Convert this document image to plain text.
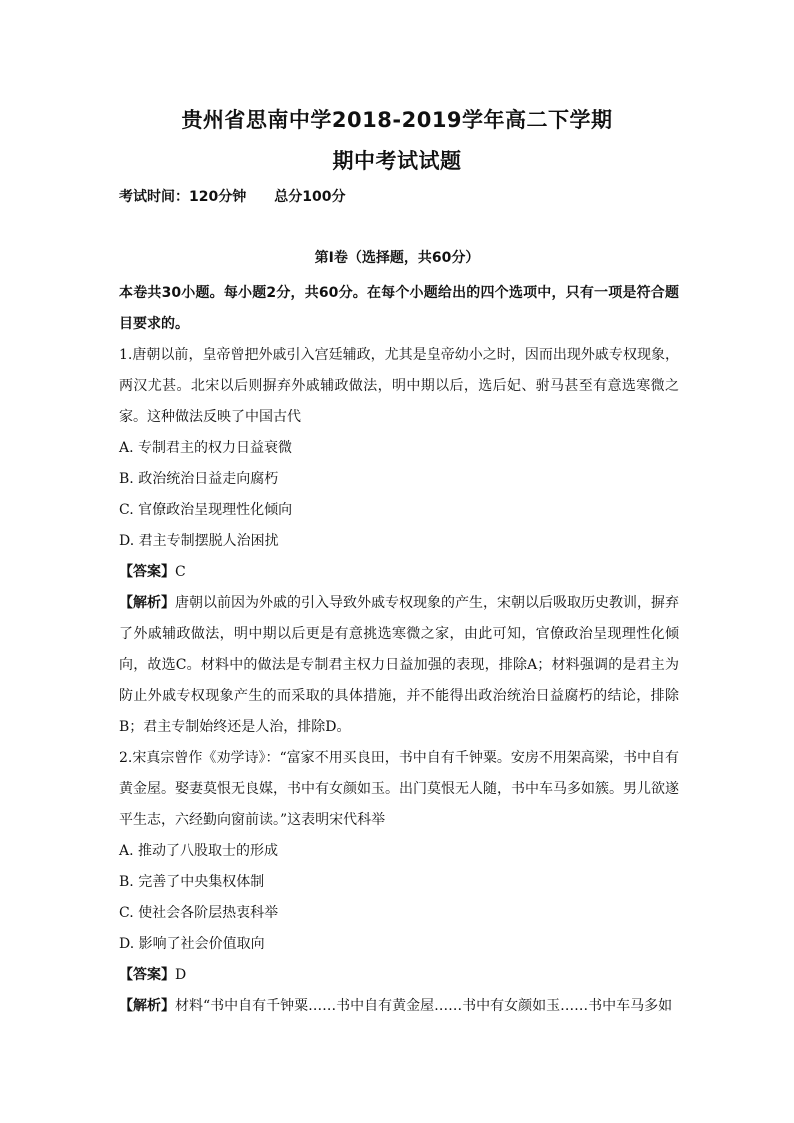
贵州省思南中学2018-2019学年高二下学期
期中考试试题
考试时间：120分钟 总分100分
第Ⅰ卷（选择题，共60分）

本卷共30小题。每小题2分，共60分。在每个小题给出的四个选项中，只有一项是符合题目要求的。

1.唐朝以前，皇帝曾把外戚引入宫廷辅政，尤其是皇帝幼小之时，因而出现外戚专权现象，两汉尤甚。北宋以后则摒弃外戚辅政做法，明中期以后，选后妃、驸马甚至有意选寒微之家。这种做法反映了中国古代

A. 专制君主的权力日益衰微

B. 政治统治日益走向腐朽

C. 官僚政治呈现理性化倾向

D. 君主专制摆脱人治困扰

【答案】C

【解析】唐朝以前因为外戚的引入导致外戚专权现象的产生，宋朝以后吸取历史教训，摒弃了外戚辅政做法，明中期以后更是有意挑选寒微之家，由此可知，官僚政治呈现理性化倾向，故选C。材料中的做法是专制君主权力日益加强的表现，排除A；材料强调的是君主为防止外戚专权现象产生的而采取的具体措施，并不能得出政治统治日益腐朽的结论，排除B；君主专制始终还是人治，排除D。

2.宋真宗曾作《劝学诗》：“富家不用买良田，书中自有千钟粟。安房不用架高梁，书中自有黄金屋。娶妻莫恨无良媒，书中有女颜如玉。出门莫恨无人随，书中车马多如簇。男儿欲遂平生志，六经勤向窗前读。”这表明宋代科举

A. 推动了八股取士的形成

B. 完善了中央集权体制

C. 使社会各阶层热衷科举

D. 影响了社会价值取向

【答案】D

【解析】材料“书中自有千钟粟……书中自有黄金屋……书中有女颜如玉……书中车马多如
